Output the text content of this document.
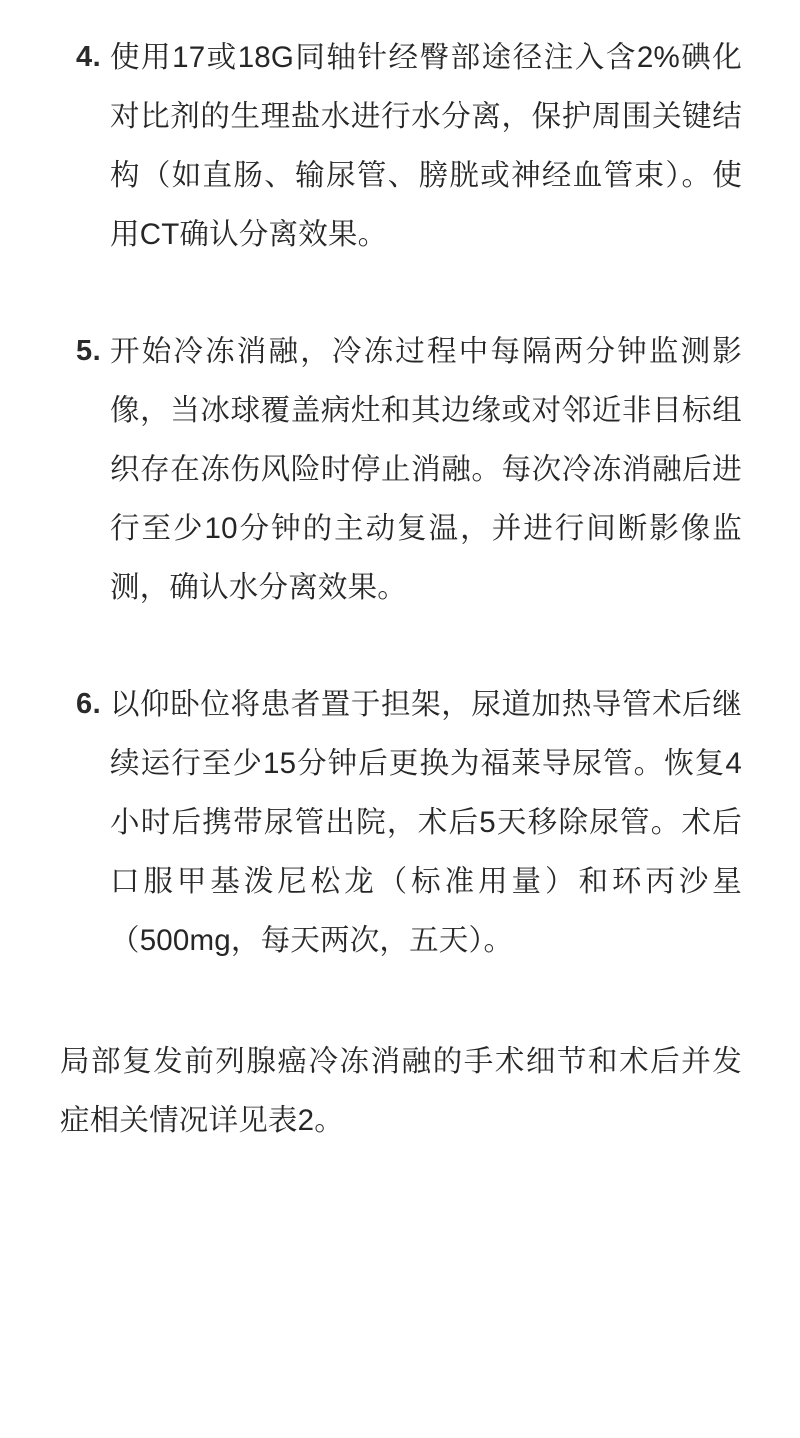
4. 使用17或18G同轴针经臀部途径注入含2%碘化对比剂的生理盐水进行水分离，保护周围关键结构（如直肠、输尿管、膀胱或神经血管束）。使用CT确认分离效果。
5. 开始冷冻消融，冷冻过程中每隔两分钟监测影像，当冰球覆盖病灶和其边缘或对邻近非目标组织存在冻伤风险时停止消融。每次冷冻消融后进行至少10分钟的主动复温，并进行间断影像监测，确认水分离效果。
6. 以仰卧位将患者置于担架，尿道加热导管术后继续运行至少15分钟后更换为福莱导尿管。恢复4小时后携带尿管出院，术后5天移除尿管。术后口服甲基泼尼松龙（标准用量）和环丙沙星（500mg，每天两次，五天）。

局部复发前列腺癌冷冻消融的手术细节和术后并发症相关情况详见表2。
